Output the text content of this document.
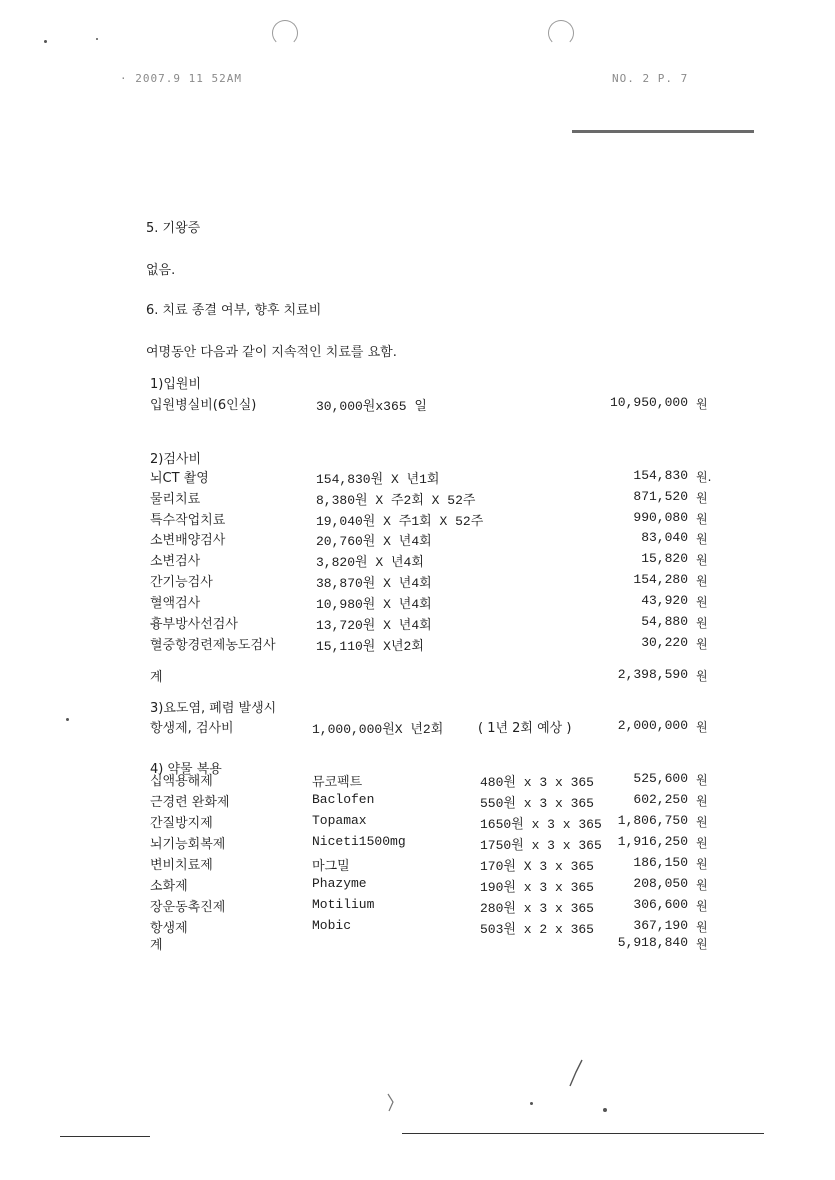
· 2007.9 11 52AM	NO. 2 P. 7
5. 기왕증
없음.
6. 치료 종결 여부, 향후 치료비
여명동안 다음과 같이 지속적인 치료를 요함.
1)입원비
입원병실비(6인실)	30,000원x365 일	10,950,000 원
2)검사비
뇌CT 촬영	154,830원 X 년1회	154,830 원.
물리치료	8,380원 X 주2회 X 52주	871,520 원
특수작업치료	19,040원 X 주1회 X 52주	990,080 원
소변배양검사	20,760원 X 년4회	83,040 원
소변검사	3,820원 X 년4회	15,820 원
간기능검사	38,870원 X 년4회	154,280 원
혈액검사	10,980원 X 년4회	43,920 원
흉부방사선검사	13,720원 X 년4회	54,880 원
혈중항경련제농도검사	15,110원 X년2회	30,220 원
계	2,398,590 원
3)요도염, 폐렴 발생시
항생제, 검사비	1,000,000원X 년2회	( 1년 2회 예상 )	2,000,000 원
4) 약물 복용
십액용해제	뮤코펙트	480원 x 3 x 365	525,600 원
근경련 완화제	Baclofen	550원 x 3 x 365	602,250 원
간질방지제	Topamax	1650원 x 3 x 365	1,806,750 원
뇌기능회복제	Niceti1500mg	1750원 x 3 x 365	1,916,250 원
변비치료제	마그밀	170원 X 3 x 365	186,150 원
소화제	Phazyme	190원 x 3 x 365	208,050 원
장운동촉진제	Motilium	280원 x 3 x 365	306,600 원
항생제	Mobic	503원 x 2 x 365	367,190 원
계	5,918,840 원
